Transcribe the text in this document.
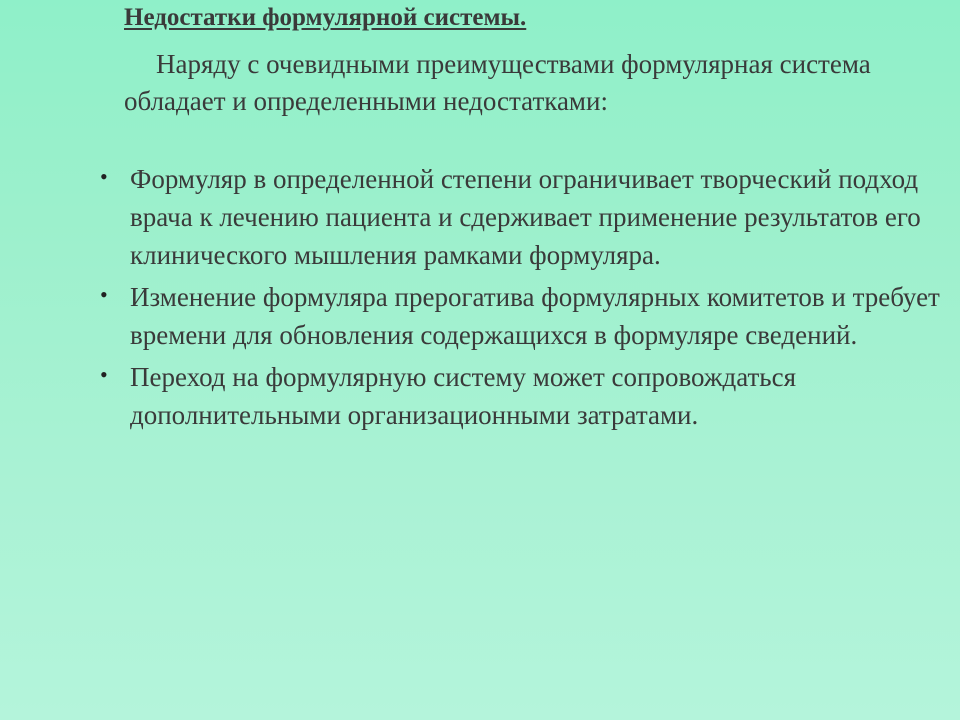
Недостатки формулярной системы.

Наряду с очевидными преимуществами формулярная система обладает и определенными недостатками:

• Формуляр в определенной степени ограничивает творческий подход врача к лечению пациента и сдерживает применение результатов его клинического мышления рамками формуляра.
• Изменение формуляра прерогатива формулярных комитетов и требует времени для обновления содержащихся в формуляре сведений.
• Переход на формулярную систему может сопровождаться дополнительными организационными затратами.
